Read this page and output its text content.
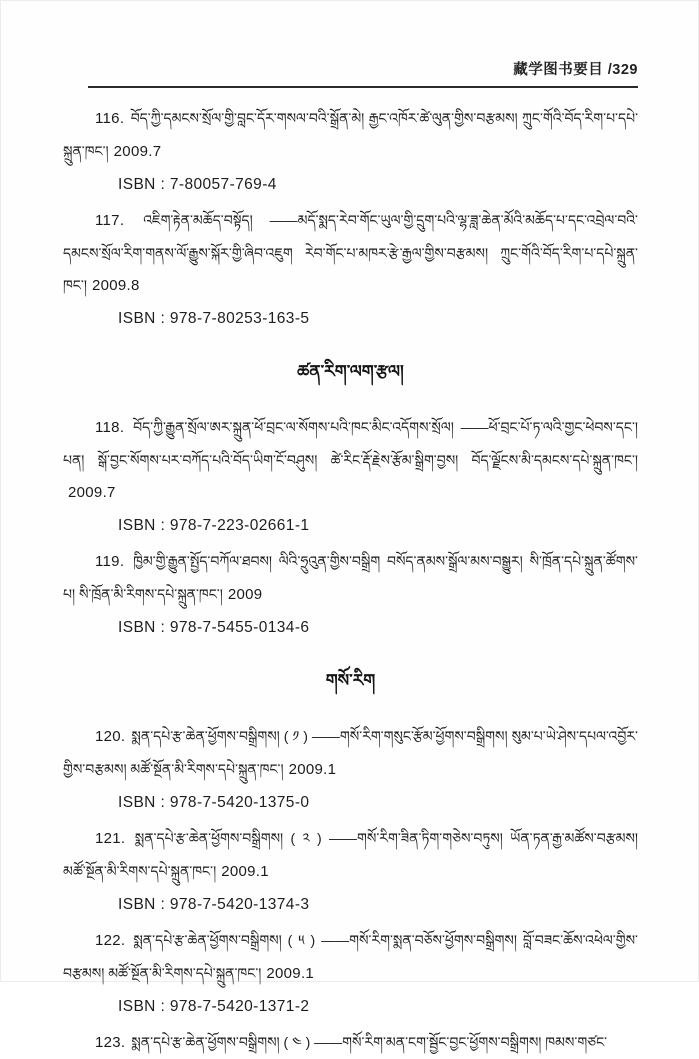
藏学图书要目 /329

116. བོད་ཀྱི་དམངས་སྲོལ་གྱི་བླང་དོར་གསལ་བའི་སྒྲོན་མེ། རྒྱང་འཁོར་ཚེ་ལུན་གྱིས་བརྩམས། ཀྲུང་གོའི་བོད་རིག་པ་དཔེ་སྐྲུན་ཁང་། 2009.7

ISBN : 7-80057-769-4

117. འཇིག་རྟེན་མཆོད་བསྟོད། ——མདོ་སྨད་རེབ་གོང་ཡུལ་གྱི་དྲུག་པའི་ལྷ་ཟླ་ཆེན་མོའི་མཆོད་པ་དང་འབྲེལ་བའི་དམངས་སྲོལ་རིག་གནས་ལོ་རྒྱུས་སྐོར་གྱི་ཞིབ་འཇུག རེབ་གོང་པ་མཁར་རྩེ་རྒྱལ་གྱིས་བརྩམས། ཀྲུང་གོའི་བོད་རིག་པ་དཔེ་སྐྲུན་ཁང་། 2009.8

ISBN : 978-7-80253-163-5

ཚན་རིག་ལག་རྩལ།

118. བོད་ཀྱི་རྒྱུན་སྲོལ་ཨར་སྐྲུན་ཕོ་བྲང་ལ་སོགས་པའི་ཁང་མིང་འདོགས་སྲོལ། ——ཕོ་བྲང་པོ་ཏ་ལའི་གྱང་ཕེབས་དང་། པན། སྒོ་བྱང་སོགས་པར་བཀོད་པའི་བོད་ཡིག་ངོ་བཤུས། ཚེ་རིང་རྡོ་རྗེས་རྩོམ་སྒྲིག་བྱས། བོད་ལྗོངས་མི་དམངས་དཔེ་སྐྲུན་ཁང་།2009.7

ISBN : 978-7-223-02661-1

119. ཁྱིམ་གྱི་རྒྱུན་སྤྱོད་བཀོལ་ཐབས། ལིའི་ཧྲུའུན་གྱིས་བསྒྲིག བསོད་ནམས་སྒྲོལ་མས་བསྒྱུར། སི་ཁྲོན་དཔེ་སྐྲུན་ཚོགས་པ། སི་ཁྲོན་མི་རིགས་དཔེ་སྐྲུན་ཁང་། 2009

ISBN : 978-7-5455-0134-6

གསོ་རིག

120. སྨན་དཔེ་རྩ་ཆེན་ཕྱོགས་བསྒྲིགས། ( ༡ ) ——གསོ་རིག་གསུང་རྩོམ་ཕྱོགས་བསྒྲིགས། སུམ་པ་ཡེ་ཤེས་དཔལ་འབྱོར་གྱིས་བརྩམས། མཚོ་སྔོན་མི་རིགས་དཔེ་སྐྲུན་ཁང་། 2009.1

ISBN : 978-7-5420-1375-0

121. སྨན་དཔེ་རྩ་ཆེན་ཕྱོགས་བསྒྲིགས། ( ༢ ) ——གསོ་རིག་ཟིན་ཏིག་གཅེས་བཏུས། ཡོན་ཏན་རྒྱ་མཚོས་བརྩམས། མཚོ་སྔོན་མི་རིགས་དཔེ་སྐྲུན་ཁང་། 2009.1

ISBN : 978-7-5420-1374-3

122. སྨན་དཔེ་རྩ་ཆེན་ཕྱོགས་བསྒྲིགས། ( ༥ ) ——གསོ་རིག་སྨན་བཅོས་ཕྱོགས་བསྒྲིགས། བློ་བཟང་ཆོས་འཕེལ་གྱིས་བརྩམས། མཚོ་སྔོན་མི་རིགས་དཔེ་སྐྲུན་ཁང་། 2009.1

ISBN : 978-7-5420-1371-2

123. སྨན་དཔེ་རྩ་ཆེན་ཕྱོགས་བསྒྲིགས། ( ༤ ) ——གསོ་རིག་མན་ངག་སྦྱོང་བྱང་ཕྱོགས་བསྒྲིགས། ཁམས་གཙང་
